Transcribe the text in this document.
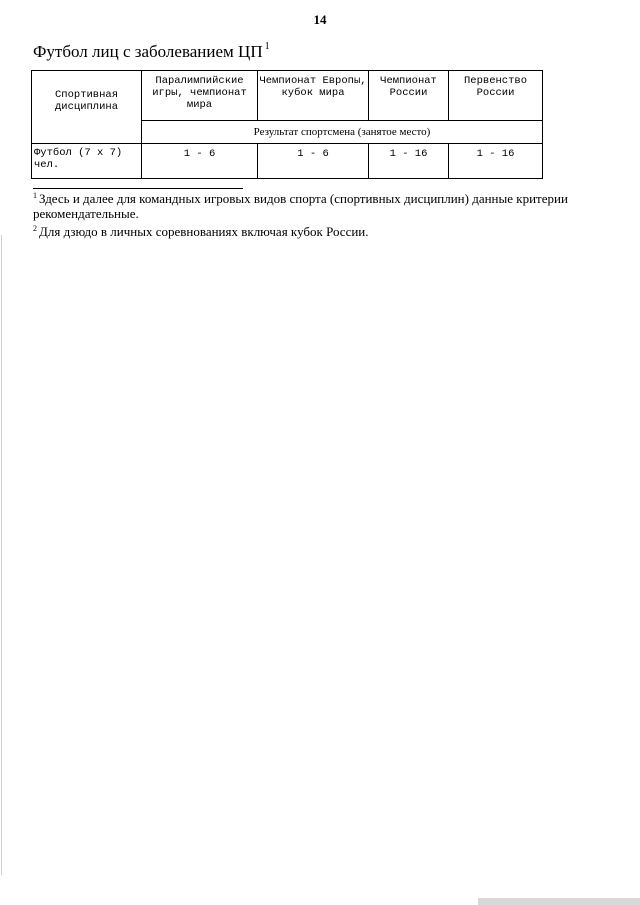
14
Футбол лиц с заболеванием ЦП $^1$
Спортивная дисциплина	Паралимпийские игры, чемпионат мира	Чемпионат Европы, кубок мира	Чемпионат России	Первенство России
	Результат спортсмена (занятое место)			
Футбол (7 х 7) чел.	1 - 6	1 - 6	1 - 16	1 - 16

$^1$ Здесь и далее для командных игровых видов спорта (спортивных дисциплин) данные критерии рекомендательные.

$^2$ Для дзюдо в личных соревнованиях включая кубок России.
